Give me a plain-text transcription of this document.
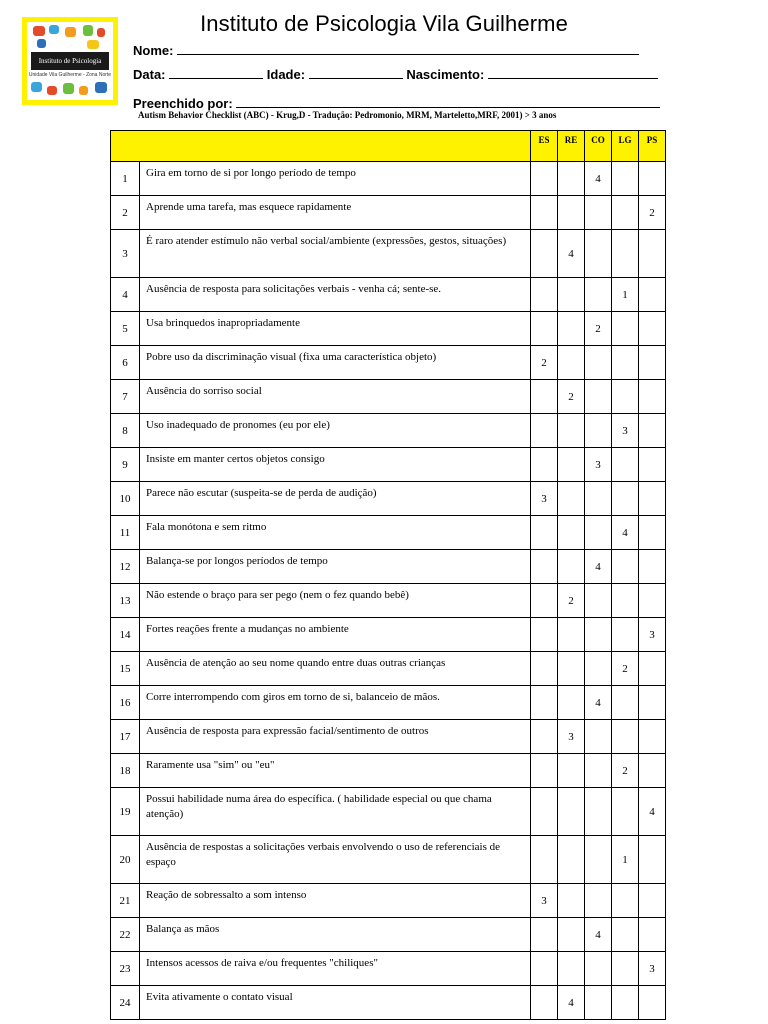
Instituto de Psicologia
Unidade Vila Guilherme - Zona Norte
Instituto de Psicologia Vila Guilherme
Nome:
Data:	Idade:	Nascimento:
Preenchido por:
Autism Behavior Checklist (ABC) - Krug,D - Tradução: Pedromonio, MRM, Marteletto,MRF, 2001) > 3 anos
		ES	RE	CO	LG	PS
1	Gira em torno de si por longo período de tempo			4		
2	Aprende uma tarefa, mas esquece rapidamente					2
3	É raro atender estímulo não verbal social/ambiente (expressões, gestos, situações)		4			
4	Ausência de resposta para solicitações verbais - venha cá; sente-se.				1	
5	Usa brinquedos inapropriadamente			2		
6	Pobre uso da discriminação visual (fixa uma característica objeto)	2				
7	Ausência do sorriso social		2			
8	Uso inadequado de pronomes (eu por ele)				3	
9	Insiste em manter certos objetos consigo			3		
10	Parece não escutar (suspeita-se de perda de audição)	3				
11	Fala monótona e sem ritmo				4	
12	Balança-se por longos períodos de tempo			4		
13	Não estende o braço para ser pego (nem o fez quando bebê)		2			
14	Fortes reações frente a mudanças no ambiente					3
15	Ausência de atenção ao seu nome quando entre duas outras crianças				2	
16	Corre interrompendo com giros em torno de si, balanceio de mãos.			4		
17	Ausência de resposta para expressão facial/sentimento de outros		3			
18	Raramente usa "sim" ou "eu"				2	
19	Possui habilidade numa área do específica. ( habilidade especial ou que chama atenção)					4
20	Ausência de respostas a solicitações verbais envolvendo o uso de referenciais de espaço				1	
21	Reação de sobressalto a som intenso	3				
22	Balança as mãos			4		
23	Intensos acessos de raiva e/ou frequentes "chiliques"					3
24	Evita ativamente o contato visual		4			
